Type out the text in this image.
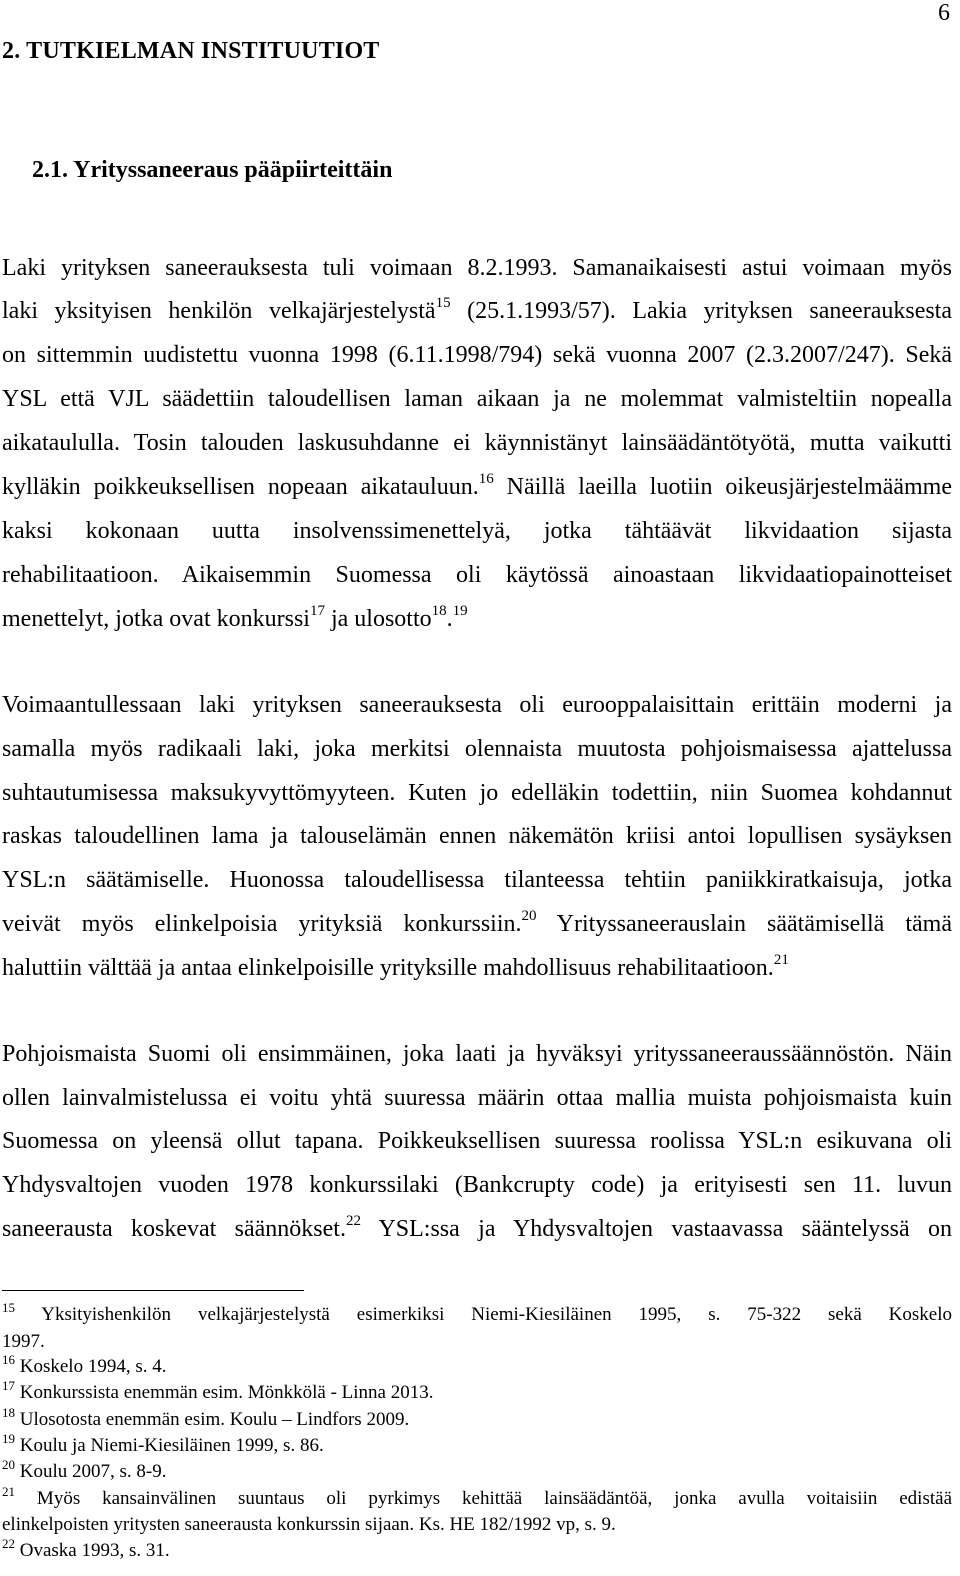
6
2. TUTKIELMAN INSTITUUTIOT
2.1. Yrityssaneeraus pääpiirteittäin
Laki yrityksen saneerauksesta tuli voimaan 8.2.1993. Samanaikaisesti astui voimaan myös
laki yksityisen henkilön velkajärjestelystä$^{15}$ (25.1.1993/57). Lakia yrityksen saneerauksesta
on sittemmin uudistettu vuonna 1998 (6.11.1998/794) sekä vuonna 2007 (2.3.2007/247). Sekä
YSL että VJL säädettiin taloudellisen laman aikaan ja ne molemmat valmisteltiin nopealla
aikataululla. Tosin talouden laskusuhdanne ei käynnistänyt lainsäädäntötyötä, mutta vaikutti
kylläkin poikkeuksellisen nopeaan aikatauluun.$^{16}$ Näillä laeilla luotiin oikeusjärjestelmäämme
kaksi kokonaan uutta insolvenssimenettelyä, jotka tähtäävät likvidaation sijasta
rehabilitaatioon. Aikaisemmin Suomessa oli käytössä ainoastaan likvidaatiopainotteiset
menettelyt, jotka ovat konkurssi$^{17}$ ja ulosotto$^{18}$.$^{19}$
Voimaantullessaan laki yrityksen saneerauksesta oli eurooppalaisittain erittäin moderni ja
samalla myös radikaali laki, joka merkitsi olennaista muutosta pohjoismaisessa ajattelussa
suhtautumisessa maksukyvyttömyyteen. Kuten jo edelläkin todettiin, niin Suomea kohdannut
raskas taloudellinen lama ja talouselämän ennen näkemätön kriisi antoi lopullisen sysäyksen
YSL:n säätämiselle. Huonossa taloudellisessa tilanteessa tehtiin paniikkiratkaisuja, jotka
veivät myös elinkelpoisia yrityksiä konkurssiin.$^{20}$ Yrityssaneerauslain säätämisellä tämä
haluttiin välttää ja antaa elinkelpoisille yrityksille mahdollisuus rehabilitaatioon.$^{21}$
Pohjoismaista Suomi oli ensimmäinen, joka laati ja hyväksyi yrityssaneeraussäännöstön. Näin
ollen lainvalmistelussa ei voitu yhtä suuressa määrin ottaa mallia muista pohjoismaista kuin
Suomessa on yleensä ollut tapana. Poikkeuksellisen suuressa roolissa YSL:n esikuvana oli
Yhdysvaltojen vuoden 1978 konkurssilaki (Bankcrupty code) ja erityisesti sen 11. luvun
saneerausta koskevat säännökset.$^{22}$ YSL:ssa ja Yhdysvaltojen vastaavassa sääntelyssä on
$^{15}$ Yksityishenkilön velkajärjestelystä esimerkiksi Niemi-Kiesiläinen 1995, s. 75-322 sekä Koskelo
1997.
$^{16}$ Koskelo 1994, s. 4.
$^{17}$ Konkurssista enemmän esim. Mönkkölä - Linna 2013.
$^{18}$ Ulosotosta enemmän esim. Koulu – Lindfors 2009.
$^{19}$ Koulu ja Niemi-Kiesiläinen 1999, s. 86.
$^{20}$ Koulu 2007, s. 8-9.
$^{21}$ Myös kansainvälinen suuntaus oli pyrkimys kehittää lainsäädäntöä, jonka avulla voitaisiin edistää
elinkelpoisten yritysten saneerausta konkurssin sijaan. Ks. HE 182/1992 vp, s. 9.
$^{22}$ Ovaska 1993, s. 31.
